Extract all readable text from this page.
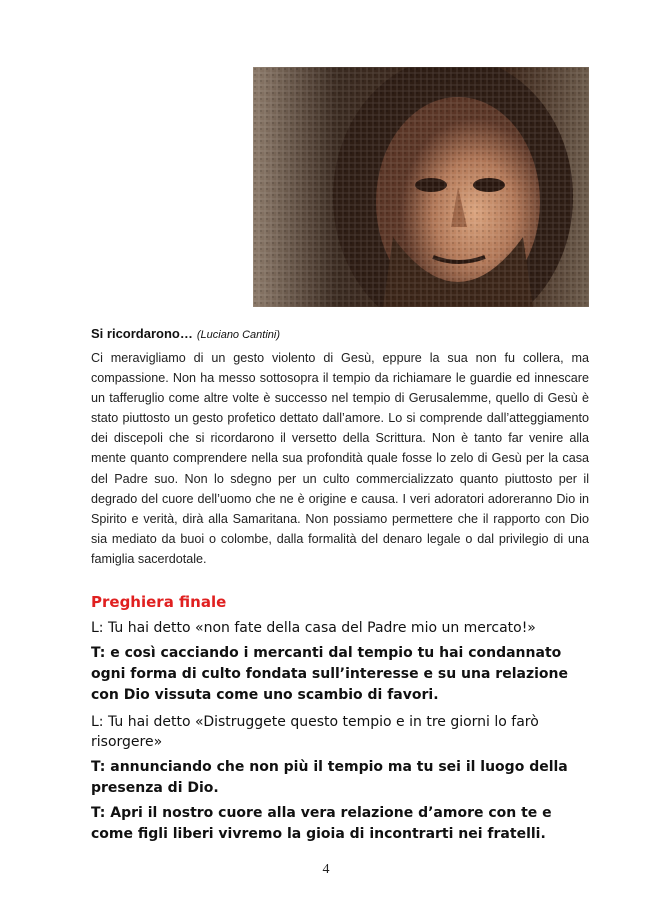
Si ricordarono… (Luciano Cantini)
Ci meravigliamo di un gesto violento di Gesù, eppure la sua non fu collera, ma compassione. Non ha messo sottosopra il tempio da richiamare le guardie ed innescare un tafferuglio come altre volte è successo nel tempio di Gerusalemme, quello di Gesù è stato piuttosto un gesto profetico dettato dall’amore. Lo si comprende dall’atteggiamento dei discepoli che si ricordarono il versetto della Scrittura. Non è tanto far venire alla mente quanto comprendere nella sua profondità quale fosse lo zelo di Gesù per la casa del Padre suo. Non lo sdegno per un culto commercializzato quanto piuttosto per il degrado del cuore dell’uomo che ne è origine e causa. I veri adoratori adoreranno Dio in Spirito e verità, dirà alla Samaritana. Non possiamo permettere che il rapporto con Dio sia mediato da buoi o colombe, dalla formalità del denaro legale o dal privilegio di una famiglia sacerdotale.
Preghiera finale
L: Tu hai detto «non fate della casa del Padre mio un mercato!»
T: e così cacciando i mercanti dal tempio tu hai condannato ogni forma di culto fondata sull’interesse e su una relazione con Dio vissuta come uno scambio di favori.
L: Tu hai detto «Distruggete questo tempio e in tre giorni lo farò risorgere»
T: annunciando che non più il tempio ma tu sei il luogo della presenza di Dio.
T: Apri il nostro cuore alla vera relazione d’amore con te e come figli liberi vivremo la gioia di incontrarti nei fratelli.
4
